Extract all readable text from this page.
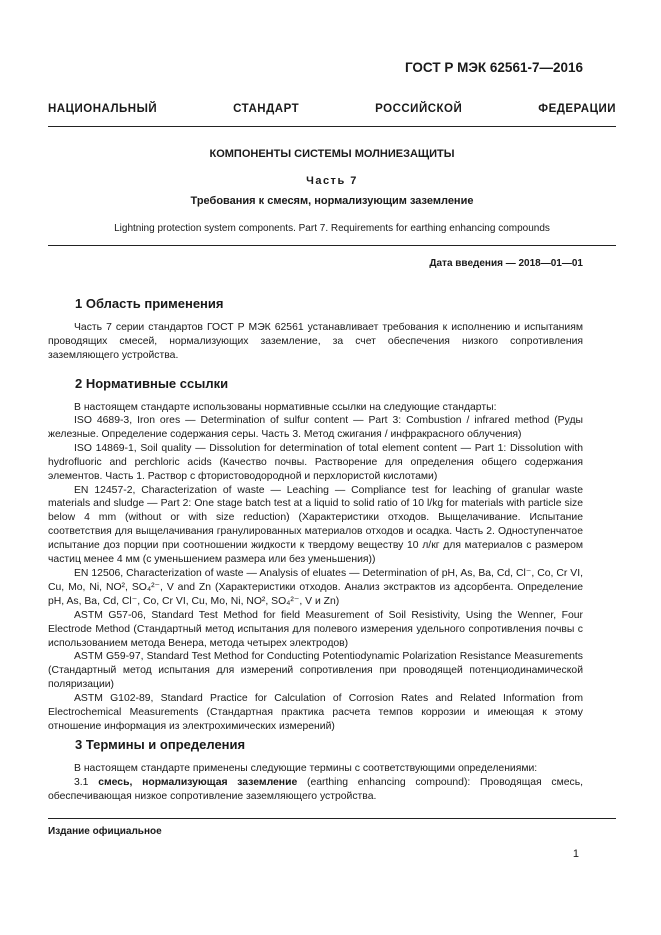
ГОСТ Р МЭК 62561-7—2016
НАЦИОНАЛЬНЫЙ СТАНДАРТ РОССИЙСКОЙ ФЕДЕРАЦИИ
КОМПОНЕНТЫ СИСТЕМЫ МОЛНИЕЗАЩИТЫ
Часть 7
Требования к смесям, нормализующим заземление
Lightning protection system components. Part 7. Requirements for earthing enhancing compounds
Дата введения — 2018—01—01
1 Область применения

Часть 7 серии стандартов ГОСТ Р МЭК 62561 устанавливает требования к исполнению и испытаниям проводящих смесей, нормализующих заземление, за счет обеспечения низкого сопротивления заземляющего устройства.

2 Нормативные ссылки

В настоящем стандарте использованы нормативные ссылки на следующие стандарты:

ISO 4689-3, Iron ores — Determination of sulfur content — Part 3: Combustion / infrared method (Руды железные. Определение содержания серы. Часть 3. Метод сжигания / инфракрасного облучения)

ISO 14869-1, Soil quality — Dissolution for determination of total element content — Part 1: Dissolution with hydrofluoric and perchloric acids (Качество почвы. Растворение для определения общего содержания элементов. Часть 1. Раствор с фтористоводородной и перхлористой кислотами)

EN 12457-2, Characterization of waste — Leaching — Compliance test for leaching of granular waste materials and sludge — Part 2: One stage batch test at a liquid to solid ratio of 10 l/kg for materials with particle size below 4 mm (without or with size reduction) (Характеристики отходов. Выщелачивание. Испытание соответствия для выщелачивания гранулированных материалов отходов и осадка. Часть 2. Одноступенчатое испытание доз порции при соотношении жидкости к твердому веществу 10 л/кг для материалов с размером частиц менее 4 мм (с уменьшением размера или без уменьшения))

EN 12506, Characterization of waste — Analysis of eluates — Determination of pH, As, Ba, Cd, Cl⁻, Co, Cr VI, Cu, Mo, Ni, NO², SO₄²⁻, V and Zn (Характеристики отходов. Анализ экстрактов из адсорбента. Определение pH, As, Ba, Cd, Cl⁻, Co, Cr VI, Cu, Mo, Ni, NO², SO₄²⁻, V и Zn)

ASTM G57-06, Standard Test Method for field Measurement of Soil Resistivity, Using the Wenner, Four Electrode Method (Стандартный метод испытания для полевого измерения удельного сопротивления почвы с использованием метода Венера, метода четырех электродов)

ASTM G59-97, Standard Test Method for Conducting Potentiodynamic Polarization Resistance Measurements (Стандартный метод испытания для измерений сопротивления при проводящей потенциодинамической поляризации)

ASTM G102-89, Standard Practice for Calculation of Corrosion Rates and Related Information from Electrochemical Measurements (Стандартная практика расчета темпов коррозии и имеющая к этому отношение информация из электрохимических измерений)

3 Термины и определения

В настоящем стандарте применены следующие термины с соответствующими определениями:

3.1 смесь, нормализующая заземление (earthing enhancing compound): Проводящая смесь, обеспечивающая низкое сопротивление заземляющего устройства.

Издание официальное
1
